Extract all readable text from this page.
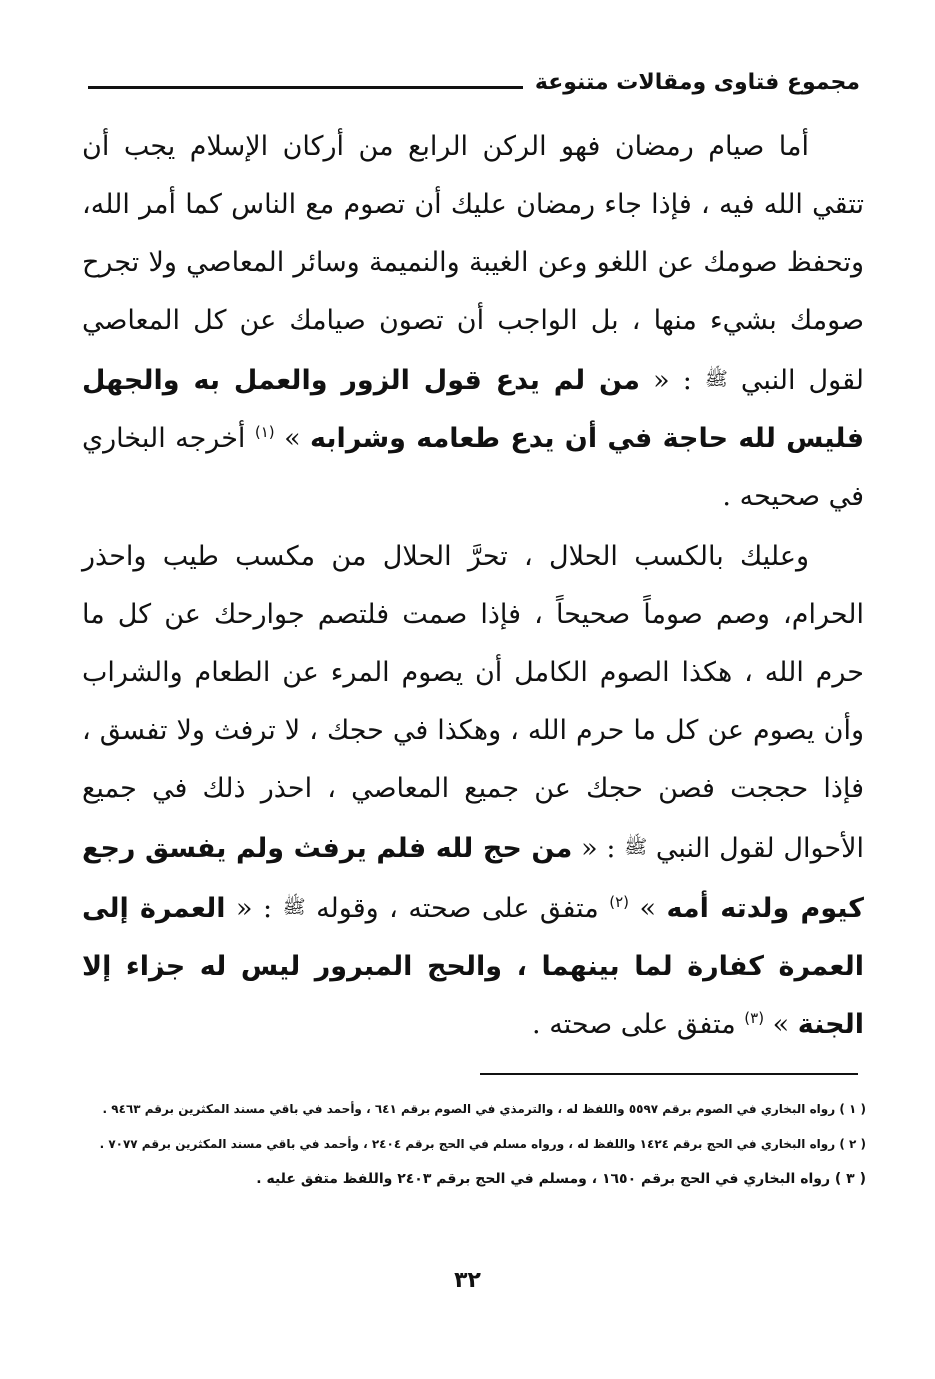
مجموع فتاوى ومقالات متنوعة

أما صيام رمضان فهو الركن الرابع من أركان الإسلام يجب أن تتقي الله فيه ، فإذا جاء رمضان عليك أن تصوم مع الناس كما أمر الله، وتحفظ صومك عن اللغو وعن الغيبة والنميمة وسائر المعاصي ولا تجرح صومك بشيء منها ، بل الواجب أن تصون صيامك عن كل المعاصي لقول النبي ﷺ : « من لم يدع قول الزور والعمل به والجهل فليس لله حاجة في أن يدع طعامه وشرابه » $^{(١)}$ أخرجه البخاري في صحيحه .

وعليك بالكسب الحلال ، تحرَّ الحلال من مكسب طيب واحذر الحرام، وصم صوماً صحيحاً ، فإذا صمت فلتصم جوارحك عن كل ما حرم الله ، هكذا الصوم الكامل أن يصوم المرء عن الطعام والشراب وأن يصوم عن كل ما حرم الله ، وهكذا في حجك ، لا ترفث ولا تفسق ، فإذا حججت فصن حجك عن جميع المعاصي ، احذر ذلك في جميع الأحوال لقول النبي ﷺ : « من حج لله فلم يرفث ولم يفسق رجع كيوم ولدته أمه » $^{(٢)}$ متفق على صحته ، وقوله ﷺ : « العمرة إلى العمرة كفارة لما بينهما ، والحج المبرور ليس له جزاء إلا الجنة » $^{(٣)}$ متفق على صحته .

( ١ ) رواه البخاري في الصوم برقم ٥٥٩٧ واللفظ له ، والترمذي في الصوم برقم ٦٤١ ، وأحمد في باقي مسند المكثرين برقم ٩٤٦٣ .
( ٢ ) رواه البخاري في الحج برقم ١٤٢٤ واللفظ له ، ورواه مسلم في الحج برقم ٢٤٠٤ ، وأحمد في باقي مسند المكثرين برقم ٧٠٧٧ .
( ٣ ) رواه البخاري في الحج برقم ١٦٥٠ ، ومسلم في الحج برقم ٢٤٠٣ واللفظ متفق عليه .
٣٢
